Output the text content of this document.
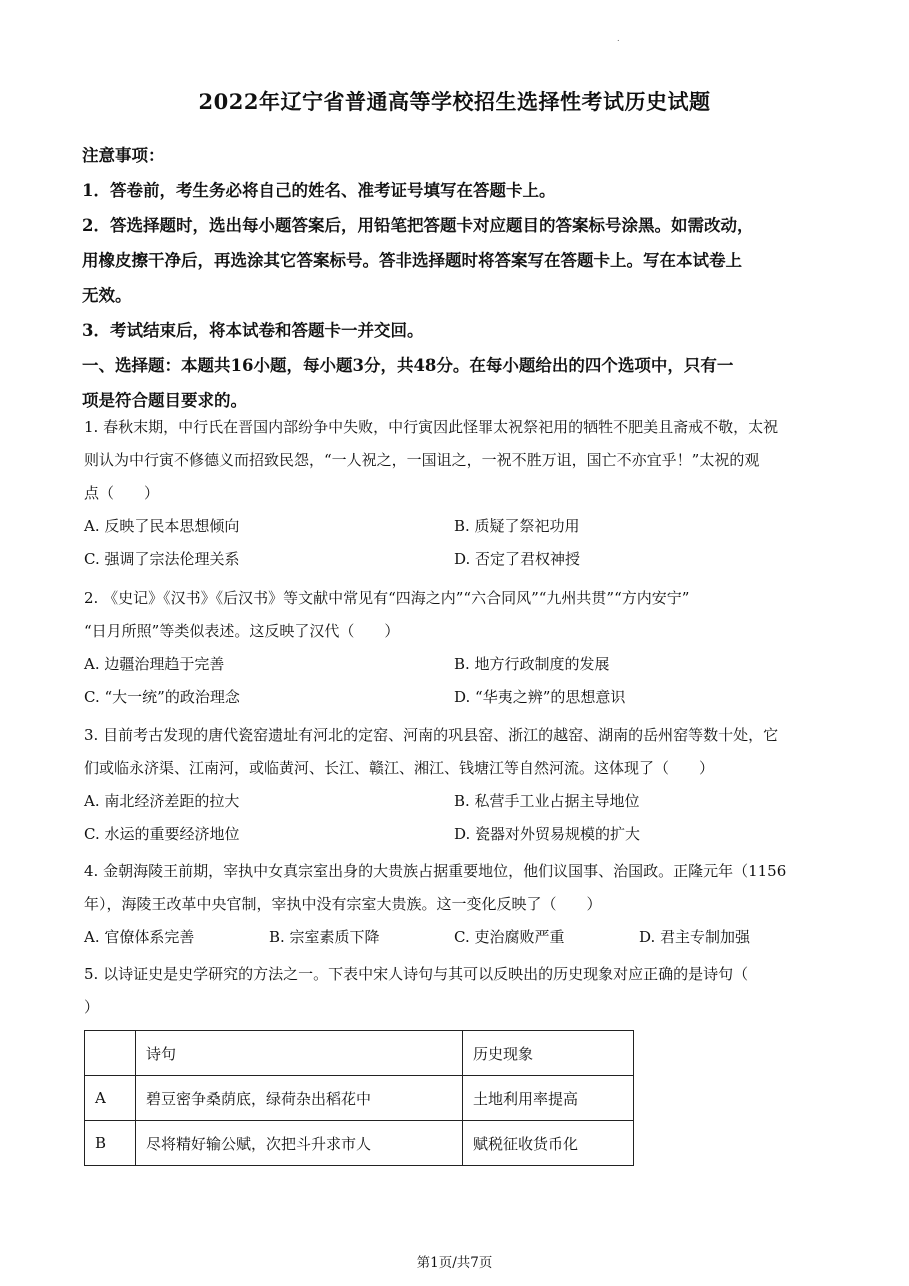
.
2022年辽宁省普通高等学校招生选择性考试历史试题

注意事项：

1．答卷前，考生务必将自己的姓名、准考证号填写在答题卡上。

2．答选择题时，选出每小题答案后，用铅笔把答题卡对应题目的答案标号涂黑。如需改动，

用橡皮擦干净后，再选涂其它答案标号。答非选择题时将答案写在答题卡上。写在本试卷上

无效。

3．考试结束后，将本试卷和答题卡一并交回。

一、选择题：本题共16小题，每小题3分，共48分。在每小题给出的四个选项中，只有一

项是符合题目要求的。

1. 春秋末期，中行氏在晋国内部纷争中失败，中行寅因此怪罪太祝祭祀用的牺牲不肥美且斋戒不敬，太祝

则认为中行寅不修德义而招致民怨，“一人祝之，一国诅之，一祝不胜万诅，国亡不亦宜乎！”太祝的观

点（　　）

A. 反映了民本思想倾向	B. 质疑了祭祀功用
C. 强调了宗法伦理关系	D. 否定了君权神授

2. 《史记》《汉书》《后汉书》等文献中常见有“四海之内”“六合同风”“九州共贯”“方内安宁”

“日月所照”等类似表述。这反映了汉代（　　）

A. 边疆治理趋于完善	B. 地方行政制度的发展
C. “大一统”的政治理念	D. “华夷之辨”的思想意识

3. 目前考古发现的唐代瓷窑遗址有河北的定窑、河南的巩县窑、浙江的越窑、湖南的岳州窑等数十处，它

们或临永济渠、江南河，或临黄河、长江、赣江、湘江、钱塘江等自然河流。这体现了（　　）

A. 南北经济差距的拉大	B. 私营手工业占据主导地位
C. 水运的重要经济地位	D. 瓷器对外贸易规模的扩大

4. 金朝海陵王前期，宰执中女真宗室出身的大贵族占据重要地位，他们议国事、治国政。正隆元年（1156

年），海陵王改革中央官制，宰执中没有宗室大贵族。这一变化反映了（　　）

A. 官僚体系完善	B. 宗室素质下降	C. 吏治腐败严重	D. 君主专制加强

5. 以诗证史是史学研究的方法之一。下表中宋人诗句与其可以反映出的历史现象对应正确的是诗句（

）

	诗句	历史现象
A	碧豆密争桑荫底，绿荷杂出稻花中	土地利用率提高
B	尽将精好输公赋，次把斗升求市人	赋税征收货币化
第1页/共7页
